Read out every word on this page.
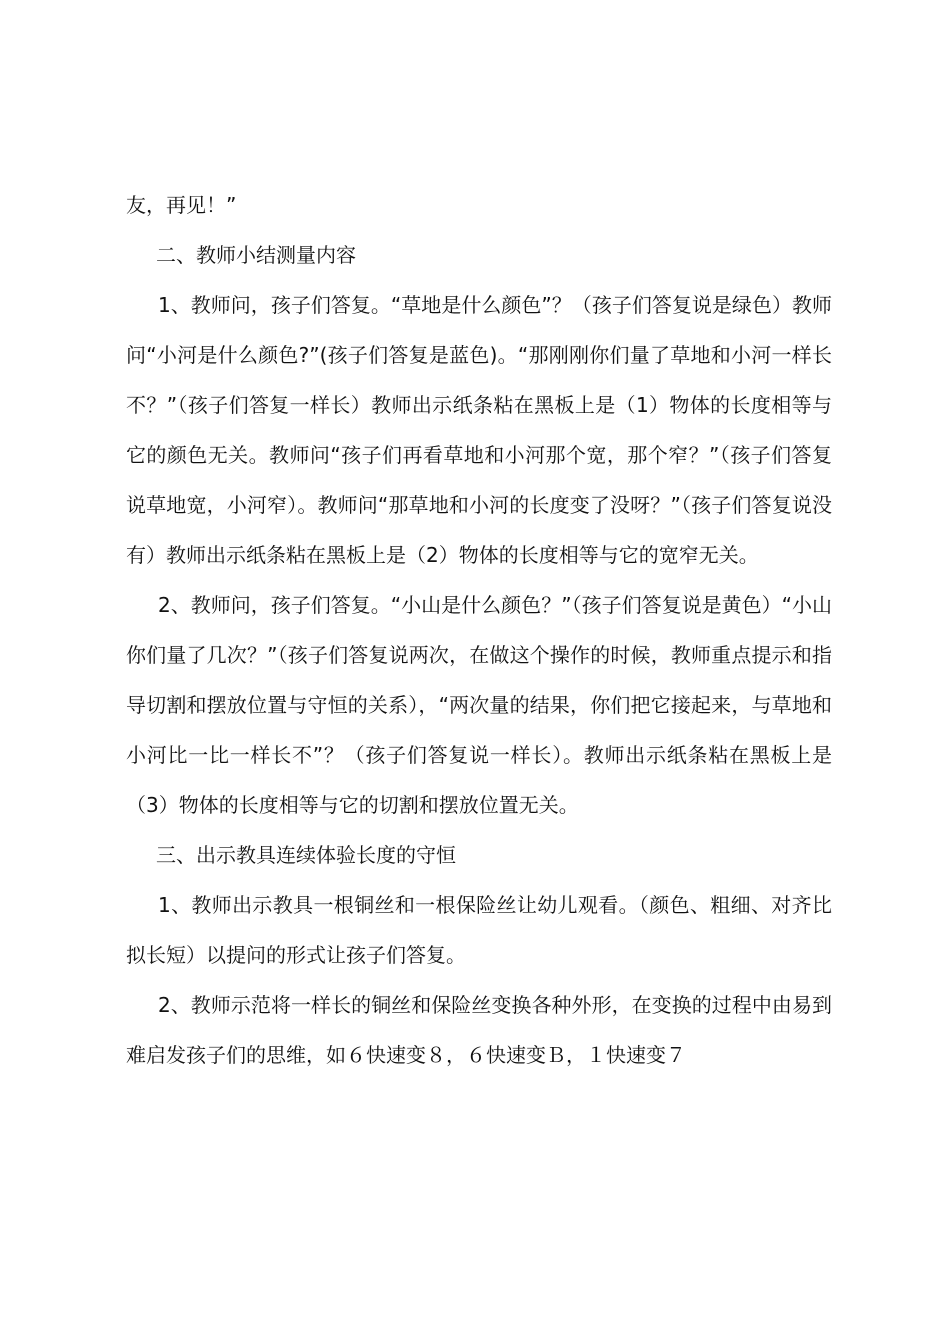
友，再见！”

二、教师小结测量内容

1、教师问，孩子们答复。“草地是什么颜色”？（孩子们答复说是绿色）教师问“小河是什么颜色?”(孩子们答复是蓝色)。“那刚刚你们量了草地和小河一样长不？”（孩子们答复一样长）教师出示纸条粘在黑板上是（1）物体的长度相等与它的颜色无关。教师问“孩子们再看草地和小河那个宽，那个窄？”（孩子们答复说草地宽，小河窄）。教师问“那草地和小河的长度变了没呀？”（孩子们答复说没有）教师出示纸条粘在黑板上是（2）物体的长度相等与它的宽窄无关。

2、教师问，孩子们答复。“小山是什么颜色？”（孩子们答复说是黄色）“小山你们量了几次？”（孩子们答复说两次，在做这个操作的时候，教师重点提示和指导切割和摆放位置与守恒的关系），“两次量的结果，你们把它接起来，与草地和小河比一比一样长不”？（孩子们答复说一样长）。教师出示纸条粘在黑板上是（3）物体的长度相等与它的切割和摆放位置无关。

三、出示教具连续体验长度的守恒

1、教师出示教具一根铜丝和一根保险丝让幼儿观看。（颜色、粗细、对齐比拟长短）以提问的形式让孩子们答复。

2、教师示范将一样长的铜丝和保险丝变换各种外形，在变换的过程中由易到难启发孩子们的思维，如６快速变８，６快速变Ｂ，１快速变７
